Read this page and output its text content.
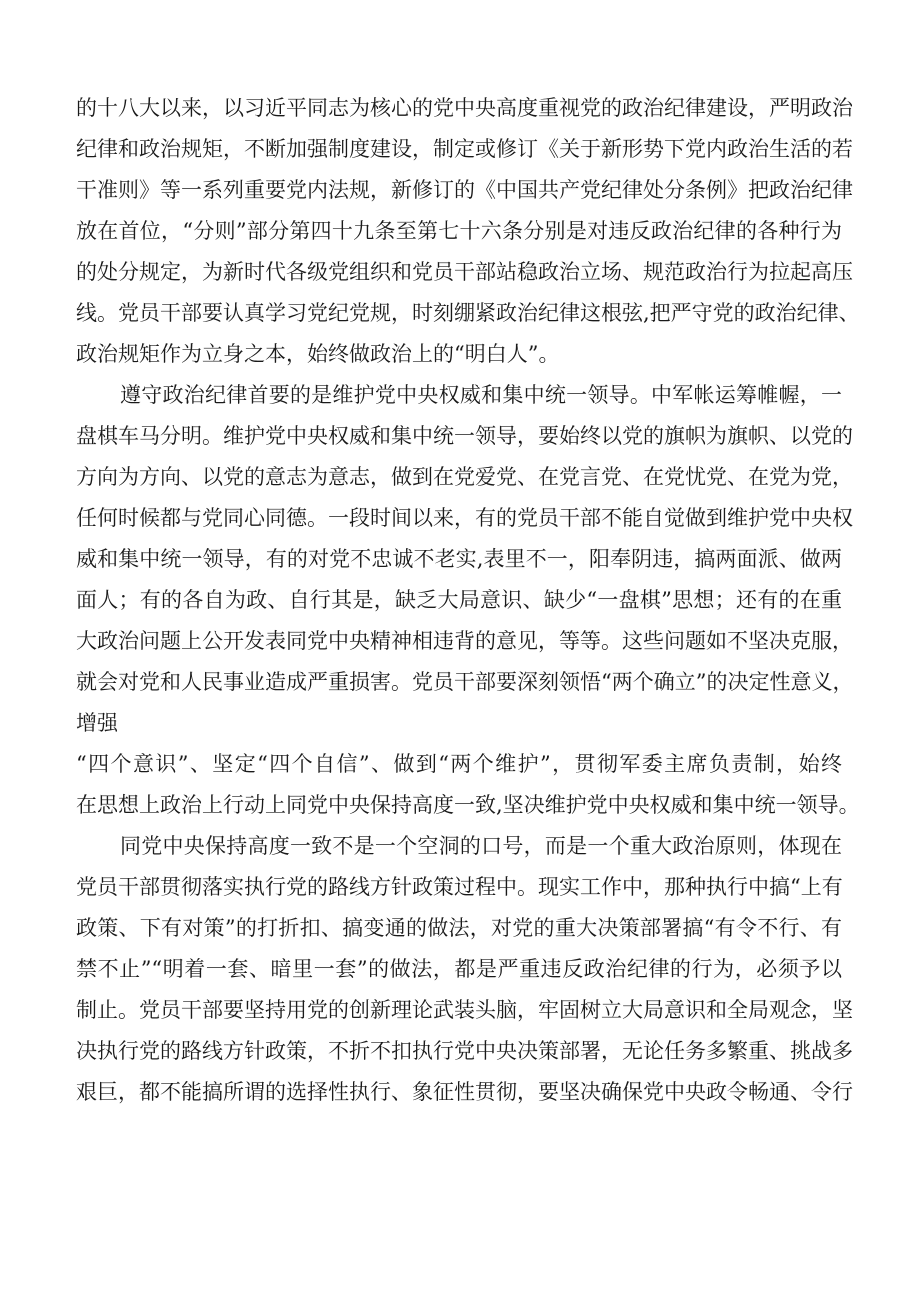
的十八大以来，以习近平同志为核心的党中央高度重视党的政治纪律建设，严明政治
纪律和政治规矩，不断加强制度建设，制定或修订《关于新形势下党内政治生活的若
干准则》等一系列重要党内法规，新修订的《中国共产党纪律处分条例》把政治纪律
放在首位，“分则”部分第四十九条至第七十六条分别是对违反政治纪律的各种行为
的处分规定，为新时代各级党组织和党员干部站稳政治立场、规范政治行为拉起高压
线。党员干部要认真学习党纪党规，时刻绷紧政治纪律这根弦,把严守党的政治纪律、
政治规矩作为立身之本，始终做政治上的“明白人”。
遵守政治纪律首要的是维护党中央权威和集中统一领导。中军帐运筹帷幄，一
盘棋车马分明。维护党中央权威和集中统一领导，要始终以党的旗帜为旗帜、以党的
方向为方向、以党的意志为意志，做到在党爱党、在党言党、在党忧党、在党为党，
任何时候都与党同心同德。一段时间以来，有的党员干部不能自觉做到维护党中央权
威和集中统一领导，有的对党不忠诚不老实,表里不一，阳奉阴违，搞两面派、做两
面人；有的各自为政、自行其是，缺乏大局意识、缺少“一盘棋”思想；还有的在重
大政治问题上公开发表同党中央精神相违背的意见，等等。这些问题如不坚决克服，
就会对党和人民事业造成严重损害。党员干部要深刻领悟“两个确立”的决定性意义，
增强
“四个意识”、坚定“四个自信”、做到“两个维护”，贯彻军委主席负责制，始终
在思想上政治上行动上同党中央保持高度一致,坚决维护党中央权威和集中统一领导。
同党中央保持高度一致不是一个空洞的口号，而是一个重大政治原则，体现在
党员干部贯彻落实执行党的路线方针政策过程中。现实工作中，那种执行中搞“上有
政策、下有对策”的打折扣、搞变通的做法，对党的重大决策部署搞“有令不行、有
禁不止”“明着一套、暗里一套”的做法，都是严重违反政治纪律的行为，必须予以
制止。党员干部要坚持用党的创新理论武装头脑，牢固树立大局意识和全局观念，坚
决执行党的路线方针政策，不折不扣执行党中央决策部署，无论任务多繁重、挑战多
艰巨，都不能搞所谓的选择性执行、象征性贯彻，要坚决确保党中央政令畅通、令行
